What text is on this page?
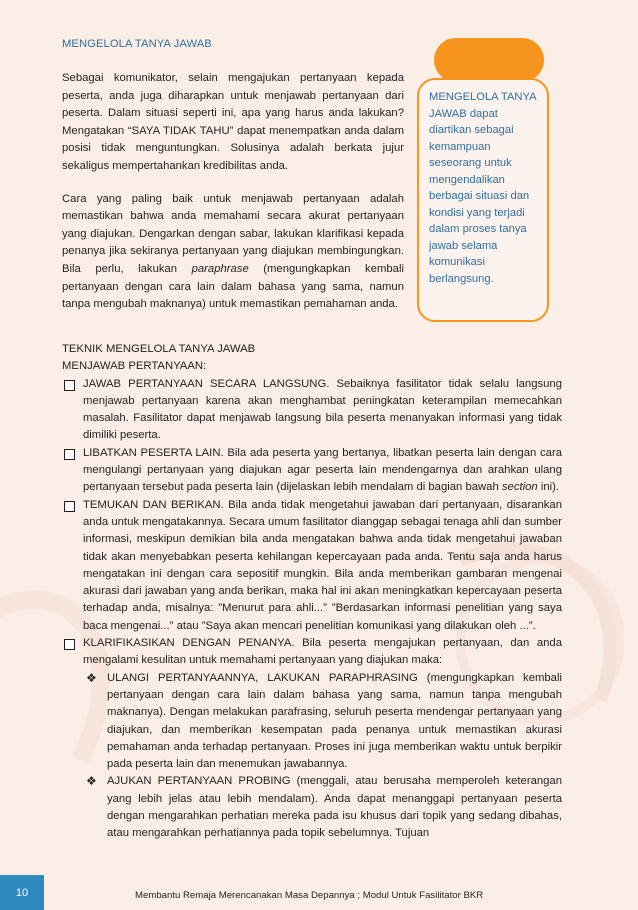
MENGELOLA TANYA JAWAB

Sebagai komunikator, selain mengajukan pertanyaan kepada peserta, anda juga diharapkan untuk menjawab pertanyaan dari peserta. Dalam situasi seperti ini, apa yang harus anda lakukan? Mengatakan “SAYA TIDAK TAHU” dapat menempatkan anda dalam posisi tidak menguntungkan. Solusinya adalah berkata jujur sekaligus mempertahankan kredibilitas anda.

Cara yang paling baik untuk menjawab pertanyaan adalah memastikan bahwa anda memahami secara akurat pertanyaan yang diajukan. Dengarkan dengan sabar, lakukan klarifikasi kepada penanya jika sekiranya pertanyaan yang diajukan membingungkan. Bila perlu, lakukan paraphrase (mengungkapkan kembali pertanyaan dengan cara lain dalam bahasa yang sama, namun tanpa mengubah maknanya) untuk memastikan pemahaman anda.

MENGELOLA TANYA JAWAB dapat diartikan sebagai kemampuan seseorang untuk mengendalikan berbagai situasi dan kondisi yang terjadi dalam proses tanya jawab selama komunikasi berlangsung.

TEKNIK MENGELOLA TANYA JAWAB

MENJAWAB PERTANYAAN:

JAWAB PERTANYAAN SECARA LANGSUNG. Sebaiknya fasilitator tidak selalu langsung menjawab pertanyaan karena akan menghambat peningkatan keterampilan memecahkan masalah. Fasilitator dapat menjawab langsung bila peserta menanyakan informasi yang tidak dimiliki peserta.

LIBATKAN PESERTA LAIN. Bila ada peserta yang bertanya, libatkan peserta lain dengan cara mengulangi pertanyaan yang diajukan agar peserta lain mendengarnya dan arahkan ulang pertanyaan tersebut pada peserta lain (dijelaskan lebih mendalam di bagian bawah section ini).

TEMUKAN DAN BERIKAN. Bila anda tidak mengetahui jawaban dari pertanyaan, disarankan anda untuk mengatakannya. Secara umum fasilitator dianggap sebagai tenaga ahli dan sumber informasi, meskipun demikian bila anda mengatakan bahwa anda tidak mengetahui jawaban tidak akan menyebabkan peserta kehilangan kepercayaan pada anda. Tentu saja anda harus mengatakan ini dengan cara sepositif mungkin. Bila anda memberikan gambaran mengenai akurasi dari jawaban yang anda berikan, maka hal ini akan meningkatkan kepercayaan peserta terhadap anda, misalnya: ”Menurut para ahli...” ”Berdasarkan informasi penelitian yang saya baca mengenai...” atau ”Saya akan mencari penelitian komunikasi yang dilakukan oleh ...”.

KLARIFIKASIKAN DENGAN PENANYA. Bila peserta mengajukan pertanyaan, dan anda mengalami kesulitan untuk memahami pertanyaan yang diajukan maka:

❖ ULANGI PERTANYAANNYA, LAKUKAN PARAPHRASING (mengungkapkan kembali pertanyaan dengan cara lain dalam bahasa yang sama, namun tanpa mengubah maknanya). Dengan melakukan parafrasing, seluruh peserta mendengar pertanyaan yang diajukan, dan memberikan kesempatan pada penanya untuk memastikan akurasi pemahaman anda terhadap pertanyaan. Proses ini juga memberikan waktu untuk berpikir pada peserta lain dan menemukan jawabannya.

❖ AJUKAN PERTANYAAN PROBING (menggali, atau berusaha memperoleh keterangan yang lebih jelas atau lebih mendalam). Anda dapat menanggapi pertanyaan peserta dengan mengarahkan perhatian mereka pada isu khusus dari topik yang sedang dibahas, atau mengarahkan perhatiannya pada topik sebelumnya. Tujuan

10	Membantu Remaja Merencanakan Masa Depannya ; Modul Untuk Fasilitator BKR
